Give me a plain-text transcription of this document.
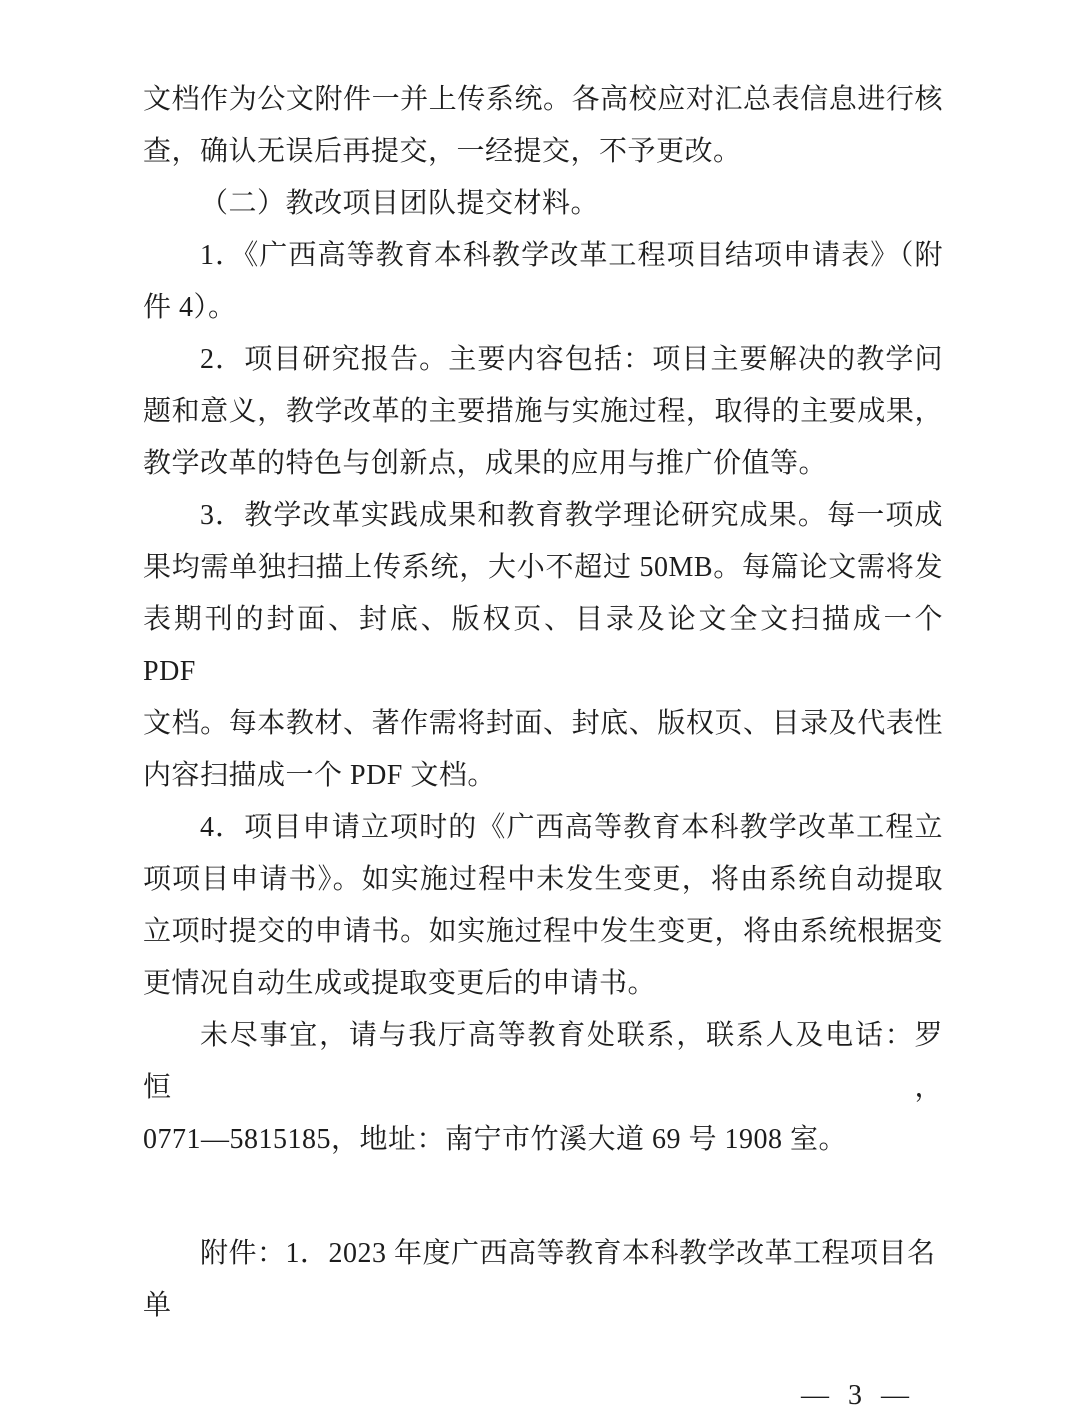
文档作为公文附件一并上传系统。各高校应对汇总表信息进行核
查，确认无误后再提交，一经提交，不予更改。
（二）教改项目团队提交材料。
1．《广西高等教育本科教学改革工程项目结项申请表》（附
件 4）。
2．项目研究报告。主要内容包括：项目主要解决的教学问
题和意义，教学改革的主要措施与实施过程，取得的主要成果，
教学改革的特色与创新点，成果的应用与推广价值等。
3．教学改革实践成果和教育教学理论研究成果。每一项成
果均需单独扫描上传系统，大小不超过 50MB。每篇论文需将发
表期刊的封面、封底、版权页、目录及论文全文扫描成一个 PDF
文档。每本教材、著作需将封面、封底、版权页、目录及代表性
内容扫描成一个 PDF 文档。
4．项目申请立项时的《广西高等教育本科教学改革工程立
项项目申请书》。如实施过程中未发生变更，将由系统自动提取
立项时提交的申请书。如实施过程中发生变更，将由系统根据变
更情况自动生成或提取变更后的申请书。
未尽事宜，请与我厅高等教育处联系，联系人及电话：罗恒，
0771—5815185，地址：南宁市竹溪大道 69 号 1908 室。
附件：1．2023 年度广西高等教育本科教学改革工程项目名单
— 3 —
